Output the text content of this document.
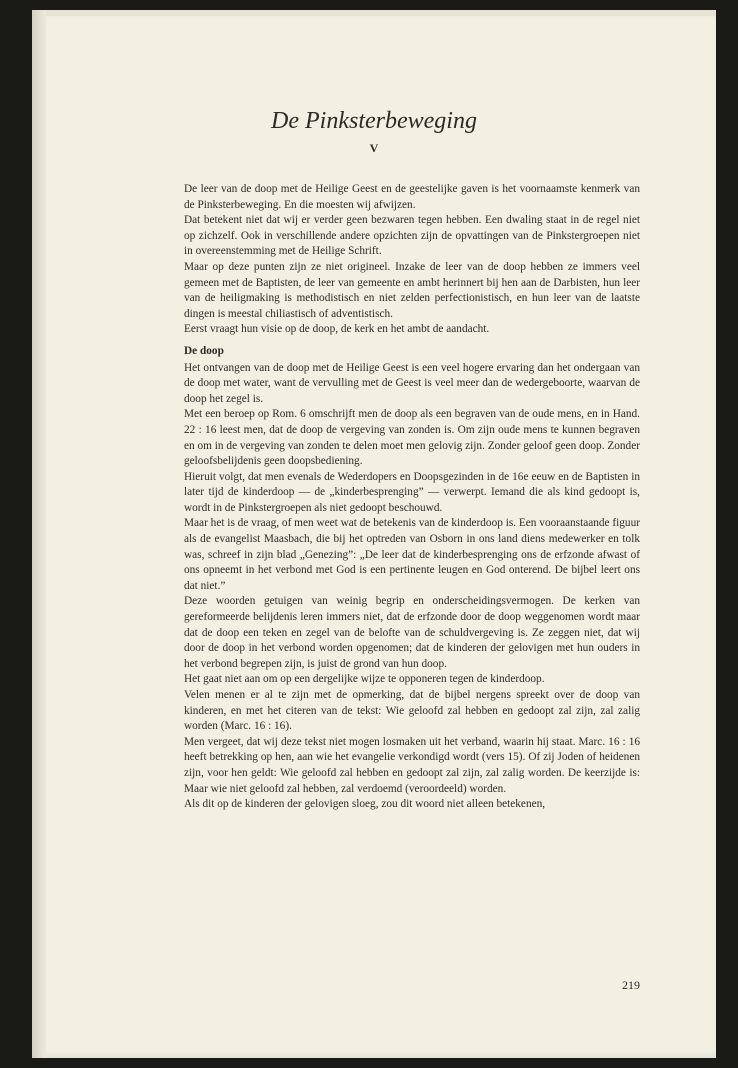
De Pinksterbeweging
V

De leer van de doop met de Heilige Geest en de geestelijke gaven is het voornaamste kenmerk van de Pinksterbeweging. En die moesten wij afwijzen.

Dat betekent niet dat wij er verder geen bezwaren tegen hebben. Een dwaling staat in de regel niet op zichzelf. Ook in verschillende andere opzichten zijn de opvattingen van de Pinkstergroepen niet in overeenstemming met de Heilige Schrift.

Maar op deze punten zijn ze niet origineel. Inzake de leer van de doop hebben ze immers veel gemeen met de Baptisten, de leer van gemeente en ambt herinnert bij hen aan de Darbisten, hun leer van de heiligmaking is methodistisch en niet zelden perfectionistisch, en hun leer van de laatste dingen is meestal chiliastisch of adventistisch.

Eerst vraagt hun visie op de doop, de kerk en het ambt de aandacht.

De doop

Het ontvangen van de doop met de Heilige Geest is een veel hogere ervaring dan het ondergaan van de doop met water, want de vervulling met de Geest is veel meer dan de wedergeboorte, waarvan de doop het zegel is.

Met een beroep op Rom. 6 omschrijft men de doop als een begraven van de oude mens, en in Hand. 22 : 16 leest men, dat de doop de vergeving van zonden is. Om zijn oude mens te kunnen begraven en om in de vergeving van zonden te delen moet men gelovig zijn. Zonder geloof geen doop. Zonder geloofsbelijdenis geen doopsbediening.

Hieruit volgt, dat men evenals de Wederdopers en Doopsgezinden in de 16e eeuw en de Baptisten in later tijd de kinderdoop — de „kinderbesprenging” — verwerpt. Iemand die als kind gedoopt is, wordt in de Pinkstergroepen als niet gedoopt beschouwd.

Maar het is de vraag, of men weet wat de betekenis van de kinderdoop is. Een vooraanstaande figuur als de evangelist Maasbach, die bij het optreden van Osborn in ons land diens medewerker en tolk was, schreef in zijn blad „Genezing”: „De leer dat de kinderbesprenging ons de erfzonde afwast of ons opneemt in het verbond met God is een pertinente leugen en God onterend. De bijbel leert ons dat niet.”

Deze woorden getuigen van weinig begrip en onderscheidingsvermogen. De kerken van gereformeerde belijdenis leren immers niet, dat de erfzonde door de doop weggenomen wordt maar dat de doop een teken en zegel van de belofte van de schuldvergeving is. Ze zeggen niet, dat wij door de doop in het verbond worden opgenomen; dat de kinderen der gelovigen met hun ouders in het verbond begrepen zijn, is juist de grond van hun doop.

Het gaat niet aan om op een dergelijke wijze te opponeren tegen de kinderdoop.

Velen menen er al te zijn met de opmerking, dat de bijbel nergens spreekt over de doop van kinderen, en met het citeren van de tekst: Wie geloofd zal hebben en gedoopt zal zijn, zal zalig worden (Marc. 16 : 16).

Men vergeet, dat wij deze tekst niet mogen losmaken uit het verband, waarin hij staat. Marc. 16 : 16 heeft betrekking op hen, aan wie het evangelie verkondigd wordt (vers 15). Of zij Joden of heidenen zijn, voor hen geldt: Wie geloofd zal hebben en gedoopt zal zijn, zal zalig worden. De keerzijde is: Maar wie niet geloofd zal hebben, zal verdoemd (veroordeeld) worden.

Als dit op de kinderen der gelovigen sloeg, zou dit woord niet alleen betekenen,

219
